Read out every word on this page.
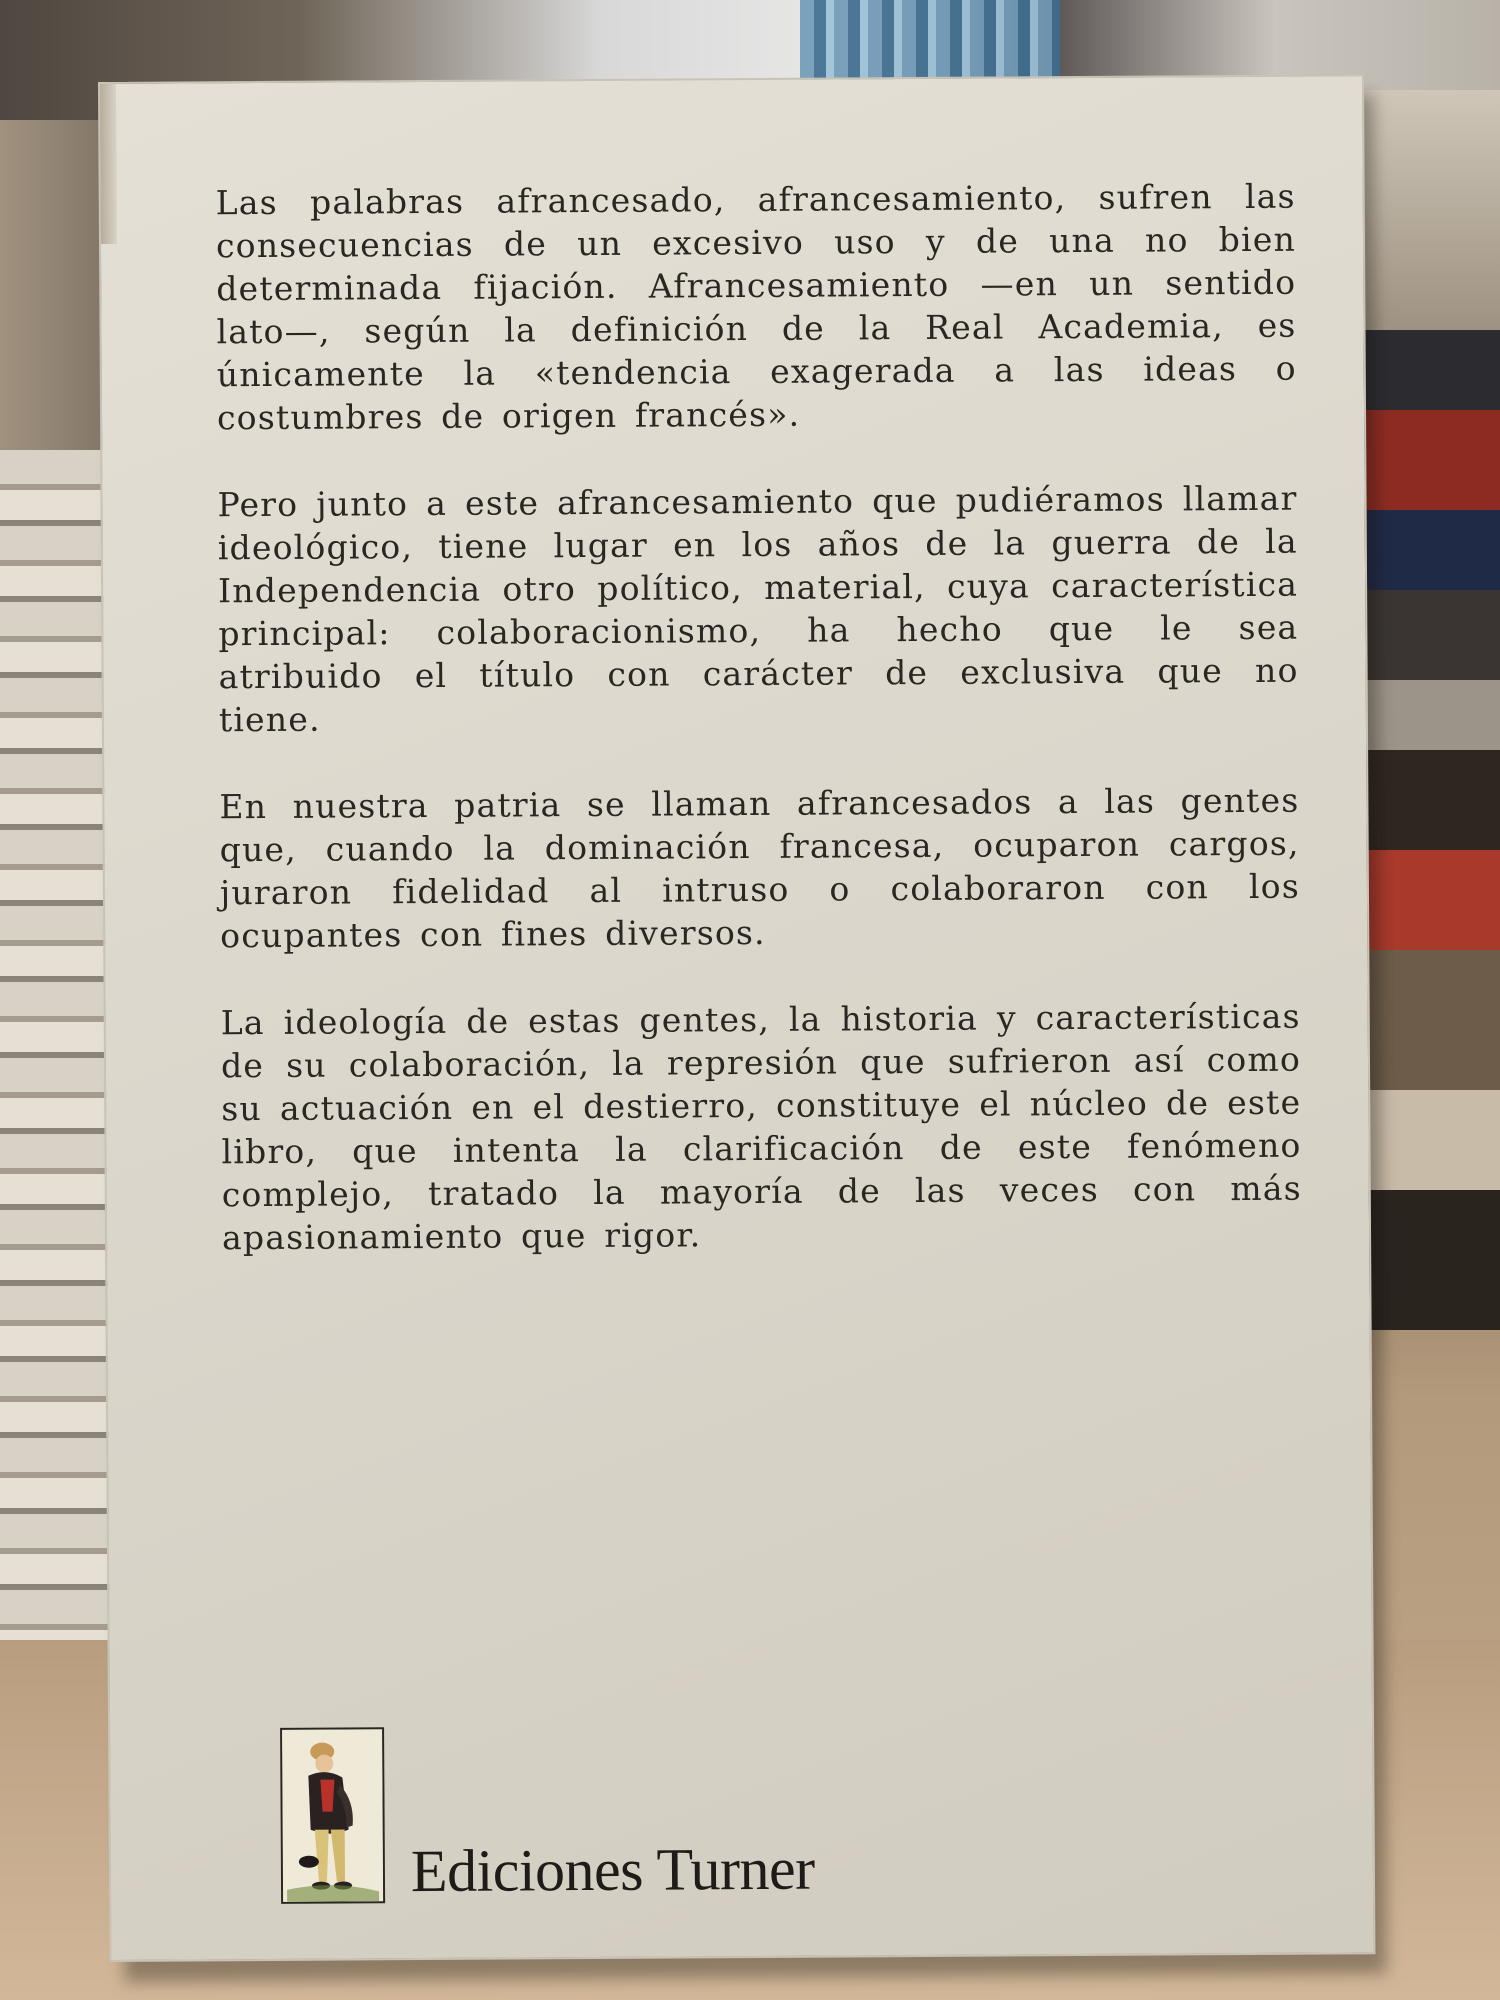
Las palabras afrancesado, afrancesamiento, sufren las consecuencias de un excesivo uso y de una no bien determinada fijación. Afrancesamiento —en un sentido lato—, según la definición de la Real Academia, es únicamente la «tendencia exagerada a las ideas o costumbres de origen francés».

Pero junto a este afrancesamiento que pudiéramos llamar ideológico, tiene lugar en los años de la guerra de la Independencia otro político, material, cuya característica principal: colaboracionismo, ha hecho que le sea atribuido el título con carácter de exclusiva que no tiene.

En nuestra patria se llaman afrancesados a las gentes que, cuando la dominación francesa, ocuparon cargos, juraron fidelidad al intruso o colaboraron con los ocupantes con fines diversos.

La ideología de estas gentes, la historia y características de su colaboración, la represión que sufrieron así como su actuación en el destierro, constituye el núcleo de este libro, que intenta la clarificación de este fenómeno complejo, tratado la mayoría de las veces con más apasionamiento que rigor.

Ediciones Turner
